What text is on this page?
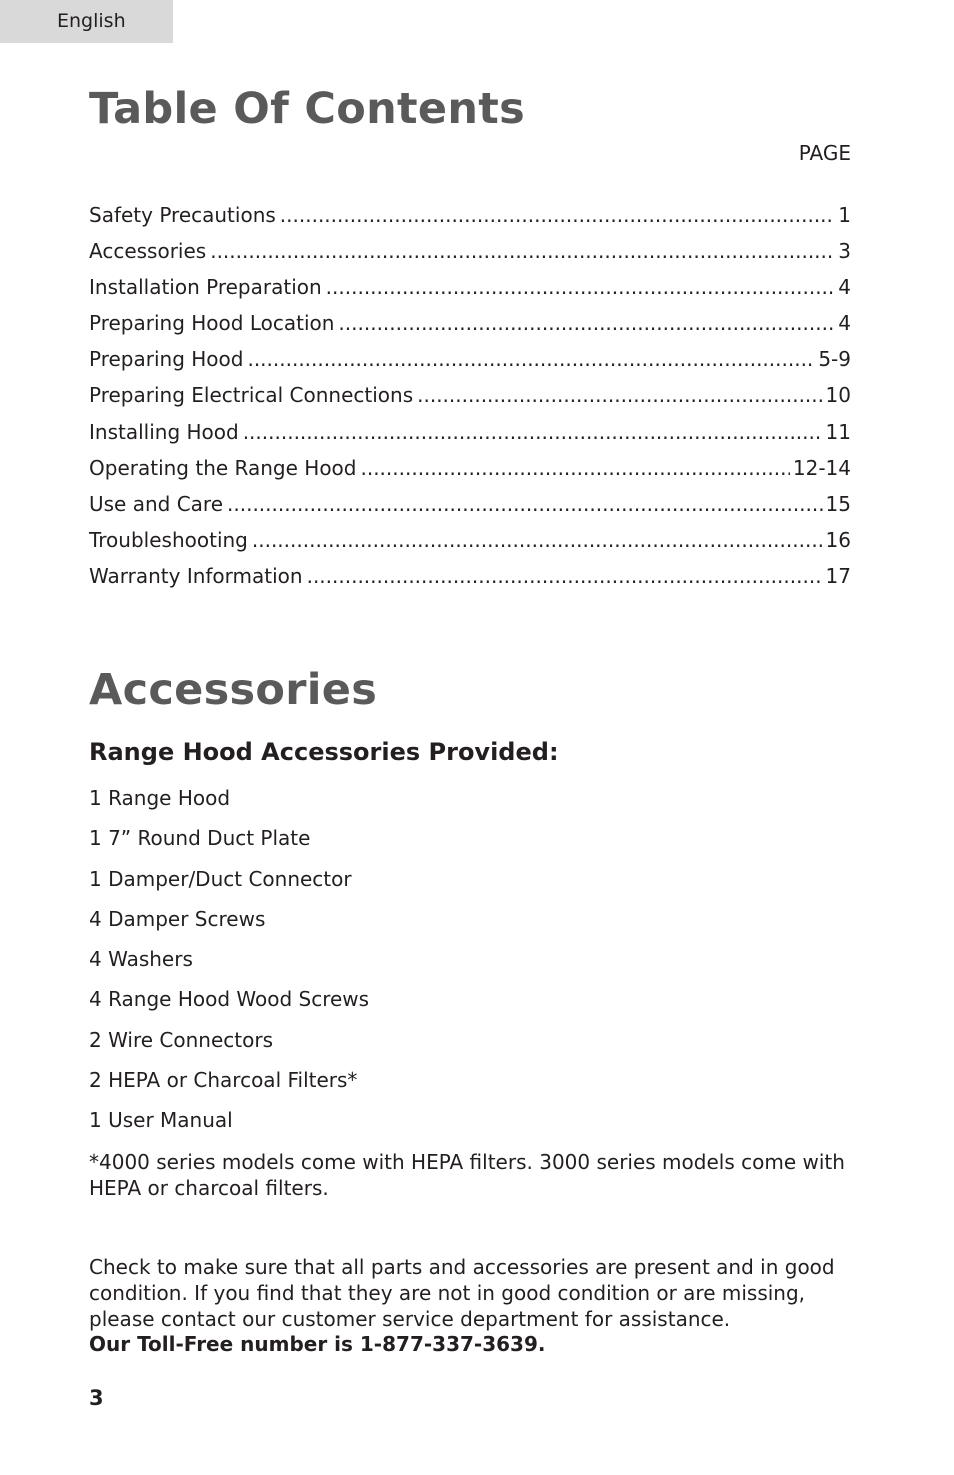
English
Table Of Contents
PAGE
Safety Precautions .....	1
Accessories .....	3
Installation Preparation .....	4
Preparing Hood Location .....	4
Preparing Hood .....	5-9
Preparing Electrical Connections .....	10
Installing Hood .....	11
Operating the Range Hood .....	12-14
Use and Care .....	15
Troubleshooting .....	16
Warranty Information .....	17
Accessories
Range Hood Accessories Provided:
1 Range Hood
1 7” Round Duct Plate
1 Damper/Duct Connector
4 Damper Screws
4 Washers
4 Range Hood Wood Screws
2 Wire Connectors
2 HEPA or Charcoal Filters*
1 User Manual

*4000 series models come with HEPA filters. 3000 series models come with HEPA or charcoal filters.

Check to make sure that all parts and accessories are present and in good condition. If you find that they are not in good condition or are missing, please contact our customer service department for assistance.

Our Toll-Free number is 1-877-337-3639.

3
